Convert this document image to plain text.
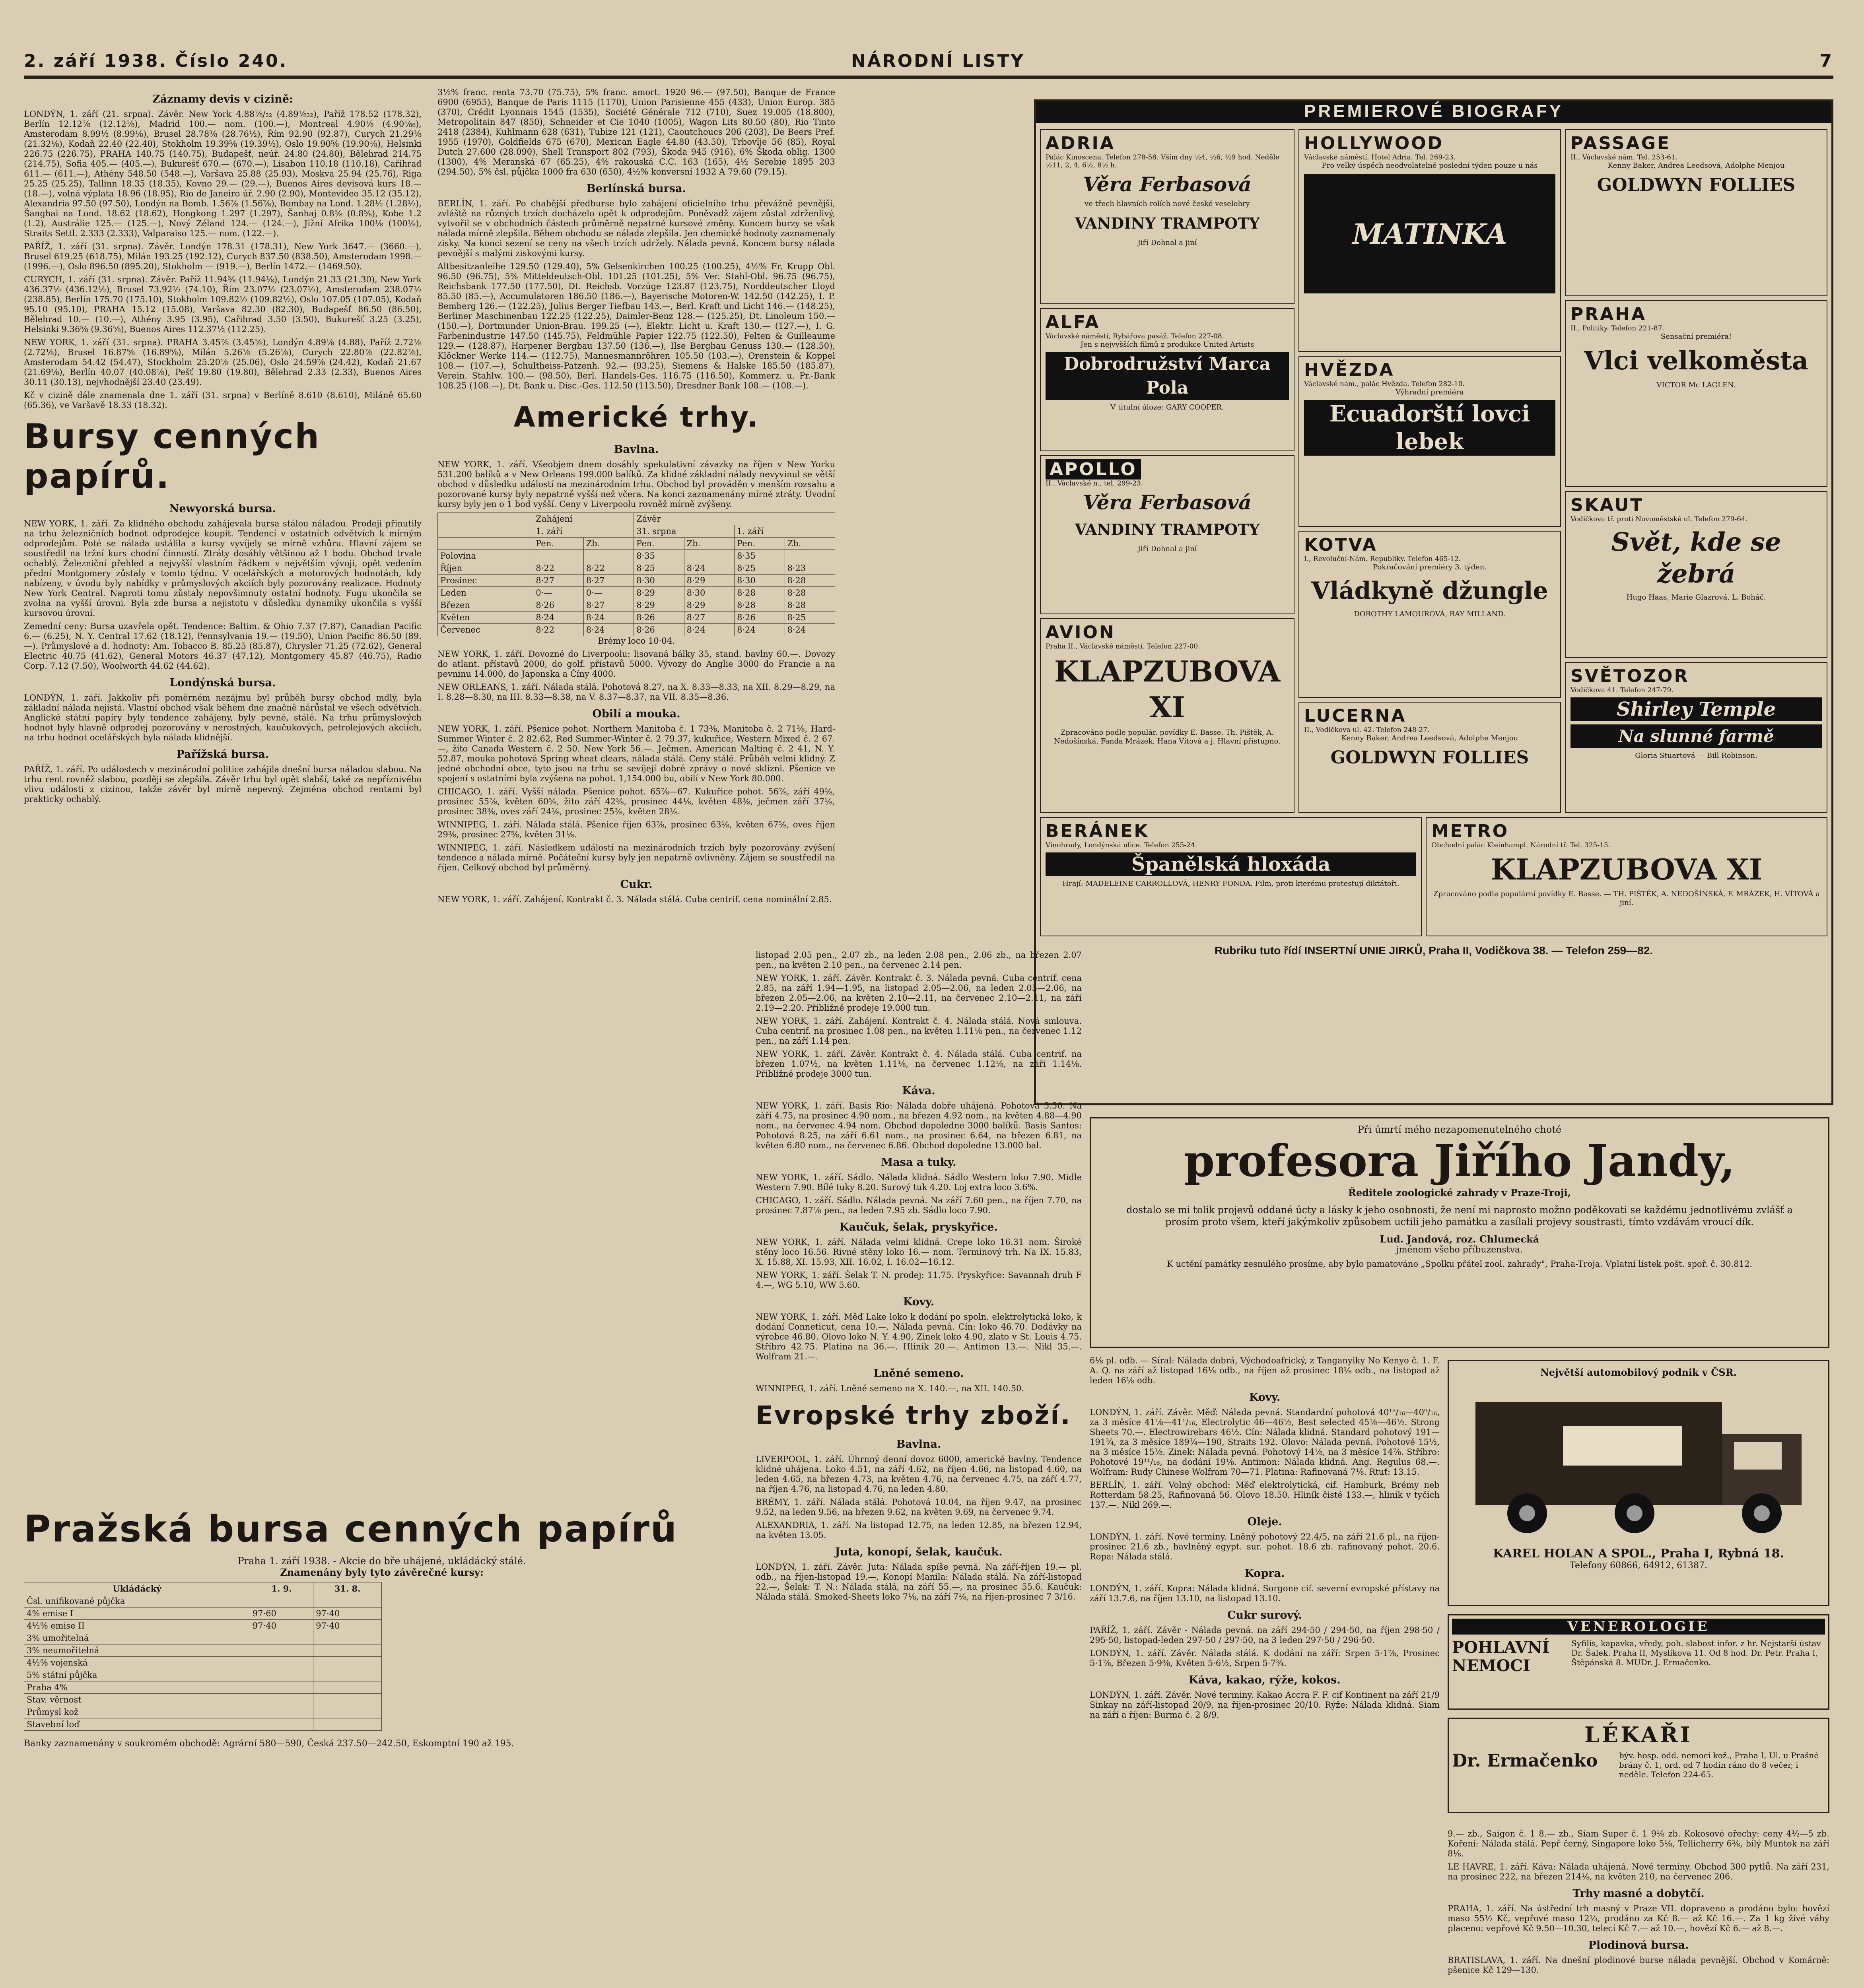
2. září 1938. Číslo 240.	NÁRODNÍ LISTY	7
Záznamy devis v cizině:

LONDÝN, 1. září (21. srpna). Závěr. New York 4.88⅞/₃₂ (4.89⅛₃₂), Paříž 178.52 (178.32), Berlín 12.12⅞ (12.12⅝), Madrid 100.— nom. (100.—), Montreal 4.90⅛ (4.90⅛₆), Amsterodam 8.99½ (8.99⅛), Brusel 28.78⅜ (28.76½), Řím 92.90 (92.87), Curych 21.29⅜ (21.32⅛), Kodaň 22.40 (22.40), Stokholm 19.39⅝ (19.39½), Oslo 19.90⅝ (19.90⅛), Helsinki 226.75 (226.75), PRAHA 140.75 (140.75), Budapešť, neúř. 24.80 (24.80), Bělehrad 214.75 (214.75), Sofia 405.— (405.—), Bukurešť 670.— (670.—), Lisabon 110.18 (110.18), Cařihrad 611.— (611.—), Athény 548.50 (548.—), Varšava 25.88 (25.93), Moskva 25.94 (25.76), Riga 25.25 (25.25), Tallinn 18.35 (18.35), Kovno 29.— (29.—), Buenos Aires devisová kurs 18.— (18.—), volná výplata 18.96 (18.95), Rio de Janeiro úř. 2.90 (2.90), Montevideo 35.12 (35.12), Alexandria 97.50 (97.50), Londýn na Bomb. 1.56⅞ (1.56⅞), Bombay na Lond. 1.28½ (1.28½), Šanghai na Lond. 18.62 (18.62), Hongkong 1.297 (1.297), Šanhaj 0.8⅝ (0.8⅝), Kobe 1.2 (1.2), Austrálie 125.— (125.—), Nový Zéland 124.— (124.—), Jižní Afrika 100⅛ (100⅛), Straits Settl. 2.333 (2.333), Valparaiso 125.— nom. (122.—).

PAŘÍŽ, 1. září (31. srpna). Závěr. Londýn 178.31 (178.31), New York 3647.— (3660.—), Brusel 619.25 (618.75), Milán 193.25 (192.12), Curych 837.50 (838.50), Amsterodam 1998.— (1996.—), Oslo 896.50 (895.20), Stokholm — (919.—), Berlín 1472.— (1469.50).

CURYCH, 1. září (31. srpna). Závěr. Paříž 11.94⅜ (11.94⅛), Londýn 21.33 (21.30), New York 436.37½ (436.12½), Brusel 73.92½ (74.10), Řím 23.07½ (23.07½), Amsterodam 238.07½ (238.85), Berlín 175.70 (175.10), Stokholm 109.82½ (109.82½), Oslo 107.05 (107.05), Kodaň 95.10 (95.10), PRAHA 15.12 (15.08), Varšava 82.30 (82.30), Budapešť 86.50 (86.50), Bělehrad 10.— (10.—), Athény 3.95 (3.95), Cařihrad 3.50 (3.50), Bukurešť 3.25 (3.25), Helsinki 9.36⅝ (9.36⅝), Buenos Aires 112.37½ (112.25).

NEW YORK, 1. září (31. srpna). PRAHA 3.45⅞ (3.45⅝), Londýn 4.89⅛ (4.88), Paříž 2.72⅛ (2.72⅛), Brusel 16.87⅝ (16.89⅝), Milán 5.26⅛ (5.26⅛), Curych 22.80⅞ (22.82⅞), Amsterodam 54.42 (54.47), Stockholm 25.20⅛ (25.06), Oslo 24.59⅞ (24.42), Kodaň 21.67 (21.69⅛), Berlín 40.07 (40.08⅛), Pešť 19.80 (19.80), Bělehrad 2.33 (2.33), Buenos Aires 30.11 (30.13), nejvhodnější 23.40 (23.49).

Kč v cizině dále znamenala dne 1. září (31. srpna) v Berlíně 8.610 (8.610), Miláně 65.60 (65.36), ve Varšavě 18.33 (18.32).

Bursy cenných papírů.
Newyorská bursa.

NEW YORK, 1. září. Za klidného obchodu zahájevala bursa stálou náladou. Prodeji přinutily na trhu železničních hodnot odprodejce koupit. Tendencí v ostatních odvětvích k mírným odprodejům. Poté se nálada ustálila a kursy vyvíjely se mírně vzhůru. Hlavní zájem se soustředil na tržní kurs chodní činností. Ztráty dosáhly většinou až 1 bodu. Obchod trvale ochablý. Železniční přehled a nejvyšší vlastním řádkem v největším vývoji, opět vedením přední Montgomery zůstaly v tomto týdnu. V ocelářských a motorových hodnotách, kdy nabízeny, v úvodu byly nabídky v průmyslových akciích byly pozorovány realizace. Hodnoty New York Central. Naproti tomu zůstaly nepovšimnuty ostatní hodnoty. Fugu ukončila se zvolna na vyšší úrovni. Byla zde bursa a nejistotu v důsledku dynamiky ukončila s vyšší kursovou úrovní.

Zemední ceny: Bursa uzavřela opět. Tendence: Baltim. & Ohio 7.37 (7.87), Canadian Pacific 6.— (6.25), N. Y. Central 17.62 (18.12), Pennsylvania 19.— (19.50), Union Pacific 86.50 (89.—). Průmyslové a d. hodnoty: Am. Tobacco B. 85.25 (85.87), Chrysler 71.25 (72.62), General Electric 40.75 (41.62), General Motors 46.37 (47.12), Montgomery 45.87 (46.75), Radio Corp. 7.12 (7.50), Woolworth 44.62 (44.62).

Londýnská bursa.

LONDÝN, 1. září. Jakkoliv při poměrném nezájmu byl průběh bursy obchod mdlý, byla základní nálada nejistá. Vlastní obchod však během dne značně nárůstal ve všech odvětvích. Anglické státní papíry byly tendence zahájeny, byly pevné, stálé. Na trhu průmyslových hodnot byly hlavně odprodej pozorovány v nerostných, kaučukových, petrolejových akciích, na trhu hodnot ocelářských byla nálada klidnější.

Pařížská bursa.

PAŘÍŽ, 1. září. Po událostech v mezinárodní politice zahájila dnešní bursa náladou slabou. Na trhu rent rovněž slabou, později se zlepšila. Závěr trhu byl opět slabší, také za nepříznivého vlivu události z cizinou, takže závěr byl mírně nepevný. Zejména obchod rentami byl prakticky ochablý.

3½% franc. renta 73.70 (75.75), 5% franc. amort. 1920 96.— (97.50), Banque de France 6900 (6955), Banque de Paris 1115 (1170), Union Parisienne 455 (433), Union Europ. 385 (370), Crédit Lyonnais 1545 (1535), Société Générale 712 (710), Suez 19.005 (18.800), Metropolitain 847 (850), Schneider et Cie 1040 (1005), Wagon Lits 80.50 (80), Rio Tinto 2418 (2384), Kuhlmann 628 (631), Tubize 121 (121), Caoutchoucs 206 (203), De Beers Pref. 1955 (1970), Goldfields 675 (670), Mexican Eagle 44.80 (43.50), Trbovlje 56 (85), Royal Dutch 27.600 (28.090), Shell Transport 802 (793), Škoda 945 (916), 6% Škoda oblig. 1300 (1300), 4% Meranská 67 (65.25), 4% rakouská C.C. 163 (165), 4½ Serebie 1895 203 (294.50), 5% čsl. půjčka 1000 fra 630 (650), 4½% konversní 1932 A 79.60 (79.15).

Berlínská bursa.

BERLÍN, 1. září. Po chabější předburse bylo zahájení oficielního trhu převážně pevnější, zvláště na různých trzích docházelo opět k odprodejům. Poněvadž zájem zůstal zdrženlivý, vytvořil se v obchodních částech průměrně nepatrné kursové změny. Koncem burzy se však nálada mírně zlepšila. Během obchodu se nálada zlepšila. Jen chemické hodnoty zaznamenaly zisky. Na konci sezení se ceny na všech trzích udržely. Nálada pevná. Koncem bursy nálada pevnější s malými ziskovými kursy.

Altbesitzanleihe 129.50 (129.40), 5% Gelsenkirchen 100.25 (100.25), 4½% Fr. Krupp Obl. 96.50 (96.75), 5% Mitteldeutsch-Obl. 101.25 (101.25), 5% Ver. Stahl-Obl. 96.75 (96.75), Reichsbank 177.50 (177.50), Dt. Reichsb. Vorzüge 123.87 (123.75), Norddeutscher Lloyd 85.50 (85.—), Accumulatoren 186.50 (186.—), Bayerische Motoren-W. 142.50 (142.25), I. P. Bemberg 126.— (122.25), Julius Berger Tiefbau 143.—, Berl. Kraft und Licht 146.— (148.25), Berliner Maschinenbau 122.25 (122.25), Daimler-Benz 128.— (125.25), Dt. Linoleum 150.— (150.—), Dortmunder Union-Brau. 199.25 (—), Elektr. Licht u. Kraft 130.— (127.—), I. G. Farbenindustrie 147.50 (145.75), Feldmühle Papier 122.75 (122.50), Felten & Guilleaume 129.— (128.87), Harpener Bergbau 137.50 (136.—), Ilse Bergbau Genuss 130.— (128.50), Klöckner Werke 114.— (112.75), Mannesmannröhren 105.50 (103.—), Orenstein & Koppel 108.— (107.—), Schultheiss-Patzenh. 92.— (93.25), Siemens & Halske 185.50 (185.87), Verein. Stahlw. 100.— (98.50), Berl. Handels-Ges. 116.75 (116.50), Kommerz. u. Pr.-Bank 108.25 (108.—), Dt. Bank u. Disc.-Ges. 112.50 (113.50), Dresdner Bank 108.— (108.—).

Americké trhy.
Bavlna.

NEW YORK, 1. září. Všeobjem dnem dosáhly spekulativní závazky na říjen v New Yorku 531.200 balíků a v New Orleans 199.000 balíků. Za klidné základní nálady nevyvinul se větší obchod v důsledku událostí na mezinárodním trhu. Obchod byl prováděn v menším rozsahu a pozorované kursy byly nepatrně vyšší než včera. Na konci zaznamenány mírné ztráty. Úvodní kursy byly jen o 1 bod vyšší. Ceny v Liverpoolu rovněž mírně zvýšeny.

	Zahájení		Závěr			
	1. září		31. srpna		1. září	
	Pen.	Zb.	Pen.	Zb.	Pen.	Zb.
Polovina			8·35		8·35	
Říjen	8·22	8·22	8·25	8·24	8·25	8·23
Prosinec	8·27	8·27	8·30	8·29	8·30	8·28
Leden	0·—	0·—	8·29	8·30	8·28	8·28
Březen	8·26	8·27	8·29	8·29	8·28	8·28
Květen	8·24	8·24	8·26	8·27	8·26	8·25
Červenec	8·22	8·24	8·26	8·24	8·24	8·24

Brémy loco 10·04.

NEW YORK, 1. září. Dovozné do Liverpoolu: lisovaná bálky 35, stand. bavlny 60.—. Dovozy do atlant. přístavů 2000, do golf. přístavů 5000. Vývozy do Anglie 3000 do Francie a na pevninu 14.000, do Japonska a Číny 4000.

NEW ORLEANS, 1. září. Nálada stálá. Pohotová 8.27, na X. 8.33—8.33, na XII. 8.29—8.29, na I. 8.28—8.30, na III. 8.33—8.38, na V. 8.37—8.37, na VII. 8.35—8.36.

Obilí a mouka.

NEW YORK, 1. září. Pšenice pohot. Northern Manitoba č. 1 73⅜, Manitoba č. 2 71⅜, Hard-Summer Winter č. 2 82.62, Red Summer-Winter č. 2 79.37, kukuřice, Western Mixed č. 2 67.—, žito Canada Western č. 2 50. New York 56.—. Ječmen, American Malting č. 2 41, N. Y. 52.87, mouka pohotová Spring wheat clears, nálada stálá. Ceny stálé. Průběh velmi klidný. Z jedné obchodní obce, tyto jsou na trhu se sevíjejí dobré zprávy o nové sklizni. Pšenice ve spojení s ostatními byla zvýšena na pohot. 1,154.000 bu, obilí v New York 80.000.

CHICAGO, 1. září. Vyšší nálada. Pšenice pohot. 65⅞—67. Kukuřice pohot. 56⅞, září 49⅝, prosinec 55⅞, květen 60⅝, žito září 42⅜, prosinec 44⅛, květen 48⅜, ječmen září 37⅛, prosinec 38⅜, oves září 24⅛, prosinec 25⅜, květen 28⅛.

WINNIPEG, 1. září. Nálada stálá. Pšenice říjen 63⅞, prosinec 63⅛, květen 67⅝, oves říjen 29⅜, prosinec 27⅝, květen 31⅛.

WINNIPEG, 1. září. Následkem událostí na mezinárodních trzích byly pozorovány zvýšení tendence a nálada mírně. Počáteční kursy byly jen nepatrně ovlivněny. Zájem se soustředil na říjen. Celkový obchod byl průměrný.

Cukr.

NEW YORK, 1. září. Zahájení. Kontrakt č. 3. Nálada stálá. Cuba centrif. cena nominální 2.85.

PREMIEROVÉ BIOGRAFY
ADRIA
Palác Kinoscena. Telefon 278-58. Vším dny ½4, ½6, ½9 hod. Neděle ½11, 2, 4, 6½, 8½ h.
Věra Ferbasová
ve třech hlavních rolích nové české veselohry
VANDINY TRAMPOTY
Jiří Dohnal a jiní
ALFA
Václavské náměstí, Rybářova pasáž. Telefon 227-08.
Jen s nejvyšších filmů z produkce United Artists
Dobrodružství Marca Pola
V titulní úloze: GARY COOPER.
APOLLO
II., Václavské n., tel. 299-23.
Věra Ferbasová
VANDINY TRAMPOTY
Jiří Dohnal a jiní
AVION
Praha II., Václavské náměstí. Telefon 227-00.
KLAPZUBOVA XI
Zpracováno podle populár. povídky E. Basse. Th. Pištěk, A. Nedošínská, Fanda Mrázek, Hana Vítová a j. Hlavní přístupno.
BERÁNEK
Vinohrady, Londýnská ulice. Telefon 255-24.
Španělská hloxáda
Hrají: MADELEINE CARROLLOVÁ, HENRY FONDA. Film, proti kterému protestují diktátoři.
HOLLYWOOD
Václavské náměstí, Hotel Adria. Tel. 269-23.
Pro velký úspěch neodvolatelně poslední týden pouze u nás
MATINKA
HVĚZDA
Václavské nám., palác Hvězda. Telefon 282-10.
Výhradní premiéra
Ecuadorští lovci lebek
KOTVA
I., Revoluční-Nám. Republiky. Telefon 465-12.
Pokračování premiéry 3. týden.
Vládkyně džungle
DOROTHY LAMOUROVÁ, RAY MILLAND.
LUCERNA
II., Vodičkova ul. 42. Telefon 248-27.
Kenny Baker, Andrea Leedsová, Adolphe Menjou
GOLDWYN FOLLIES
PASSAGE
II., Václavské nám. Tel. 253-61.
Kenny Baker, Andrea Leedsová, Adolphe Menjou
GOLDWYN FOLLIES
PRAHA
II., Politiky. Telefon 221-87.
Sensační premiéra!
Vlci velkoměsta
VICTOR Mc LAGLEN.
SKAUT
Vodičkova tř. proti Novoměstské ul. Telefon 279-64.
Svět, kde se žebrá
Hugo Haas, Marie Glazrová, L. Boháč.
SVĚTOZOR
Vodičkova 41. Telefon 247-79.
Shirley Temple
Na slunné farmě
Gloria Stuartová — Bill Robinson.
METRO
Obchodní palác Kleinhampl. Národní tř. Tel. 325-15.
KLAPZUBOVA XI
Zpracováno podle populární povídky E. Basse. — TH. PIŠTĚK, A. NEDOŠÍNSKÁ, F. MRÁZEK, H. VÍTOVÁ a jiní.
Rubriku tuto řídí INSERTNÍ UNIE JIRKŮ, Praha II, Vodičkova 38. — Telefon 259—82.

listopad 2.05 pen., 2.07 zb., na leden 2.08 pen., 2.06 zb., na březen 2.07 pen., na květen 2.10 pen., na červenec 2.14 pen.

NEW YORK, 1. září. Závěr. Kontrakt č. 3. Nálada pevná. Cuba centrif. cena 2.85, na září 1.94—1.95, na listopad 2.05—2.06, na leden 2.05—2.06, na březen 2.05—2.06, na květen 2.10—2.11, na červenec 2.10—2.11, na září 2.19—2.20. Přibližně prodeje 19.000 tun.

NEW YORK, 1. září. Zahájení. Kontrakt č. 4. Nálada stálá. Nová smlouva. Cuba centrif. na prosinec 1.08 pen., na květen 1.11⅛ pen., na červenec 1.12 pen., na září 1.14 pen.

NEW YORK, 1. září. Závěr. Kontrakt č. 4. Nálada stálá. Cuba centrif. na březen 1.07½, na květen 1.11⅛, na červenec 1.12⅛, na září 1.14⅛. Přibližné prodeje 3000 tun.

Káva.

NEW YORK, 1. září. Basis Rio: Nálada dobře uhájená. Pohotová 5.50. Na září 4.75, na prosinec 4.90 nom., na březen 4.92 nom., na květen 4.88—4.90 nom., na červenec 4.94 nom. Obchod dopoledne 3000 balíků. Basis Santos: Pohotová 8.25, na září 6.61 nom., na prosinec 6.64, na březen 6.81, na květen 6.80 nom., na červenec 6.86. Obchod dopoledne 13.000 bal.

Masa a tuky.

NEW YORK, 1. září. Sádlo. Nálada klidná. Sádlo Western loko 7.90. Midle Western 7.90. Bílé tuky 8.20. Surový tuk 4.20. Loj extra loco 3.6%.

CHICAGO, 1. září. Sádlo. Nálada pevná. Na září 7.60 pen., na říjen 7.70, na prosinec 7.87⅛ pen., na leden 7.95 zb. Sádlo loco 7.90.

Kaučuk, šelak, pryskyřice.

NEW YORK, 1. září. Nálada velmi klidná. Crepe loko 16.31 nom. Široké stěny loco 16.56. Rivné stěny loko 16.— nom. Terminový trh. Na IX. 15.83, X. 15.88, XI. 15.93, XII. 16.02, I. 16.02—16.12.

NEW YORK, 1. září. Šelak T. N. prodej: 11.75. Pryskyřice: Savannah druh F 4.—, WG 5.10, WW 5.60.

Kovy.

NEW YORK, 1. září. Měď Lake loko k dodání po spoln. elektrolytická loko, k dodání Conneticut, cena 10.—. Nálada pevná. Cín: loko 46.70. Dodávky na výrobce 46.80. Olovo loko N. Y. 4.90, Zinek loko 4.90, zlato v St. Louis 4.75. Stříbro 42.75. Platina na 36.—. Hliník 20.—. Antimon 13.—. Nikl 35.—. Wolfram 21.—.

Lněné semeno.

WINNIPEG, 1. září. Lněné semeno na X. 140.—, na XII. 140.50.

Evropské trhy zboží.
Bavlna.

LIVERPOOL, 1. září. Úhrnný denní dovoz 6000, americké bavlny. Tendence klidné uhájena. Loko 4.51, na září 4.62, na říjen 4.66, na listopad 4.60, na leden 4.65, na březen 4.73, na květen 4.76, na červenec 4.75, na září 4.77, na říjen 4.76, na listopad 4.76, na leden 4.80.

BRÉMY, 1. září. Nálada stálá. Pohotová 10.04, na říjen 9.47, na prosinec 9.52, na leden 9.56, na březen 9.62, na květen 9.69, na červenec 9.74.

ALEXANDRIA, 1. září. Na listopad 12.75, na leden 12.85, na březen 12.94, na květen 13.05.

Juta, konopí, šelak, kaučuk.

LONDÝN, 1. září. Závěr. Juta: Nálada spíše pevná. Na září-říjen 19.— pl. odb., na říjen-listopad 19.—, Konopí Manila: Nálada stálá. Na září-listopad 22.—, Šelak: T. N.: Nálada stálá, na září 55.—, na prosinec 55.6. Kaučuk: Nálada stálá. Smoked-Sheets loko 7⅛, na září 7⅛, na říjen-prosinec 7 3/16.

Při úmrtí mého nezapomenutelného choté
profesora Jiřího Jandy,
Ředitele zoologické zahrady v Praze-Troji,

dostalo se mi tolik projevů oddané úcty a lásky k jeho osobnosti, že není mi naprosto možno poděkovati se každému jednotlivému zvlášť a prosím proto všem, kteří jakýmkoliv způsobem uctili jeho památku a zasílali projevy soustrasti, tímto vzdávám vroucí dík.

Lud. Jandová, roz. Chlumecká
jménem všeho příbuzenstva.

K uctění památky zesnulého prosíme, aby bylo pamatováno „Spolku přátel zool. zahrady", Praha-Troja. Vplatní lístek pošt. spoř. č. 30.812.

6⅛ pl. odb. — Síral: Nálada dobrá, Východoafrický, z Tanganyiky No Kenyo č. 1. F. A. Q. na září až listopad 16⅛ odb., na říjen až prosinec 18⅛ odb., na listopad až leden 16⅛ odb.

Kovy.

LONDÝN, 1. září. Závěr. Měď: Nálada pevná. Standardní pohotová 40¹⁵/₁₆—40⁹/₁₆, za 3 měsíce 41⅛—41¹/₁₆, Electrolytic 46—46½, Best selected 45⅛—46½. Strong Sheets 70.—. Electrowirebars 46½. Cín: Nálada klidná. Standard pohotový 191—191¾, za 3 měsíce 189¾—190, Straits 192. Olovo: Nálada pevná. Pohotové 15½, na 3 měsíce 15⅜. Zinek: Nálada pevná. Pohotový 14⅛, na 3 měsíce 14⅞. Stříbro: Pohotové 19¹¹/₁₆, na dodání 19⅛. Antimon: Nálada klidná. Ang. Regulus 68.—. Wolfram: Rudy Chinese Wolfram 70—71. Platina: Rafinovaná 7⅛. Rtuť: 13.15.

BERLÍN, 1. září. Volný obchod: Měď elektrolytická, cif. Hamburk, Brémy neb Rotterdam 58.25, Rafinovaná 56. Olovo 18.50. Hliník čisté 133.—, hliník v tyčích 137.—. Nikl 269.—.

Oleje.

LONDÝN, 1. září. Nové terminy. Lněný pohotový 22.4/5, na září 21.6 pl., na říjen-prosinec 21.6 zb., bavlněný egypt. sur. pohot. 18.6 zb. rafinovaný pohot. 20.6. Ropa: Nálada stálá.

Kopra.

LONDÝN, 1. září. Kopra: Nálada klidná. Sorgone cif. severní evropské přístavy na září 13.7.6, na říjen 13.10, na listopad 13.10.

Cukr surový.

PAŘÍŽ, 1. září. Závěr - Nálada pevná. na září 294·50 / 294·50, na říjen 298·50 / 295·50, listopad-leden 297·50 / 297·50, na 3 leden 297·50 / 296·50.

LONDÝN, 1. září. Závěr. Nálada stálá. K dodání na září: Srpen 5·1⅞, Prosinec 5·1⅞, Březen 5·9⅜, Květen 5·6½, Srpen 5·7¾.

Káva, kakao, rýže, kokos.

LONDÝN, 1. září. Závěr. Nové terminy. Kakao Accra F. F. cif Kontinent na září 21/9 Sinkay na září-listopad 20/9, na říjen-prosinec 20/10. Rýže: Nálada klidná. Siam na září a říjen: Burma č. 2 8/9.

Největší automobilový podnik v ČSR.
KAREL HOLAN A SPOL., Praha I, Rybná 18.
Telefony 60866, 64912, 61387.
VENEROLOGIE
POHLAVNÍ NEMOCI
Syfilis, kapavka, vředy, poh. slabost infor. z hr. Nejstarší ústav Dr. Šalek. Praha II, Myslíkova 11. Od 8 hod. Dr. Petr. Praha I, Štěpánská 8. MUDr. J. Ermačenko.
LÉKAŘI
Dr. Ermačenko	býv. hosp. odd. nemocí kož., Praha I, Ul. u Prašné brány č. 1, ord. od 7 hodin ráno do 8 večer, i neděle. Telefon 224-65.

9.— zb., Saigon č. 1 8.— zb., Siam Super č. 1 9⅛ zb. Kokosové ořechy: ceny 4½—5 zb. Koření: Nálada stálá. Pepř černý, Singapore loko 5⅛, Tellicherry 6⅜, bílý Muntok na září 8⅛.

LE HAVRE, 1. září. Káva: Nálada uhájená. Nové terminy. Obchod 300 pytlů. Na září 231, na prosinec 222, na březen 214⅛, na květen 210, na červenec 206.

Trhy masné a dobytčí.

PRAHA, 1. září. Na ústřední trh masný v Praze VII. dopraveno a prodáno bylo: hovězí maso 55½ Kč, vepřové maso 12⅓, prodáno za Kč 8.— až Kč 16.—. Za 1 kg živé váhy placeno: vepřové Kč 9.50—10.30, telecí Kč 7.— až 10.—, hovězí Kč 6.— až 8.—.

Plodinová bursa.

BRATISLAVA, 1. září. Na dnešní plodinové burse nálada pevnější. Obchod v Komárně: pšenice Kč 129—130.

Pražská bursa cenných papírů
Praha 1. září 1938. - Akcie do bře uhájené, ukládácký stálé.
Znamenány byly tyto závěrečné kursy:
Ukládácký	1. 9.	31. 8.
Čsl. unifikované půjčka		
4% emise I	97·60	97·40
4½% emise II	97·40	97·40
3% umořitelná		
3% neumořitelná		
4½% vojenská		
5% státní půjčka		
Praha 4%		
Stav. věrnost		
Průmysl kož		
Stavební loď		

Banky zaznamenány v soukromém obchodě: Agrární 580—590, Česká 237.50—242.50, Eskomptní 190 až 195.
